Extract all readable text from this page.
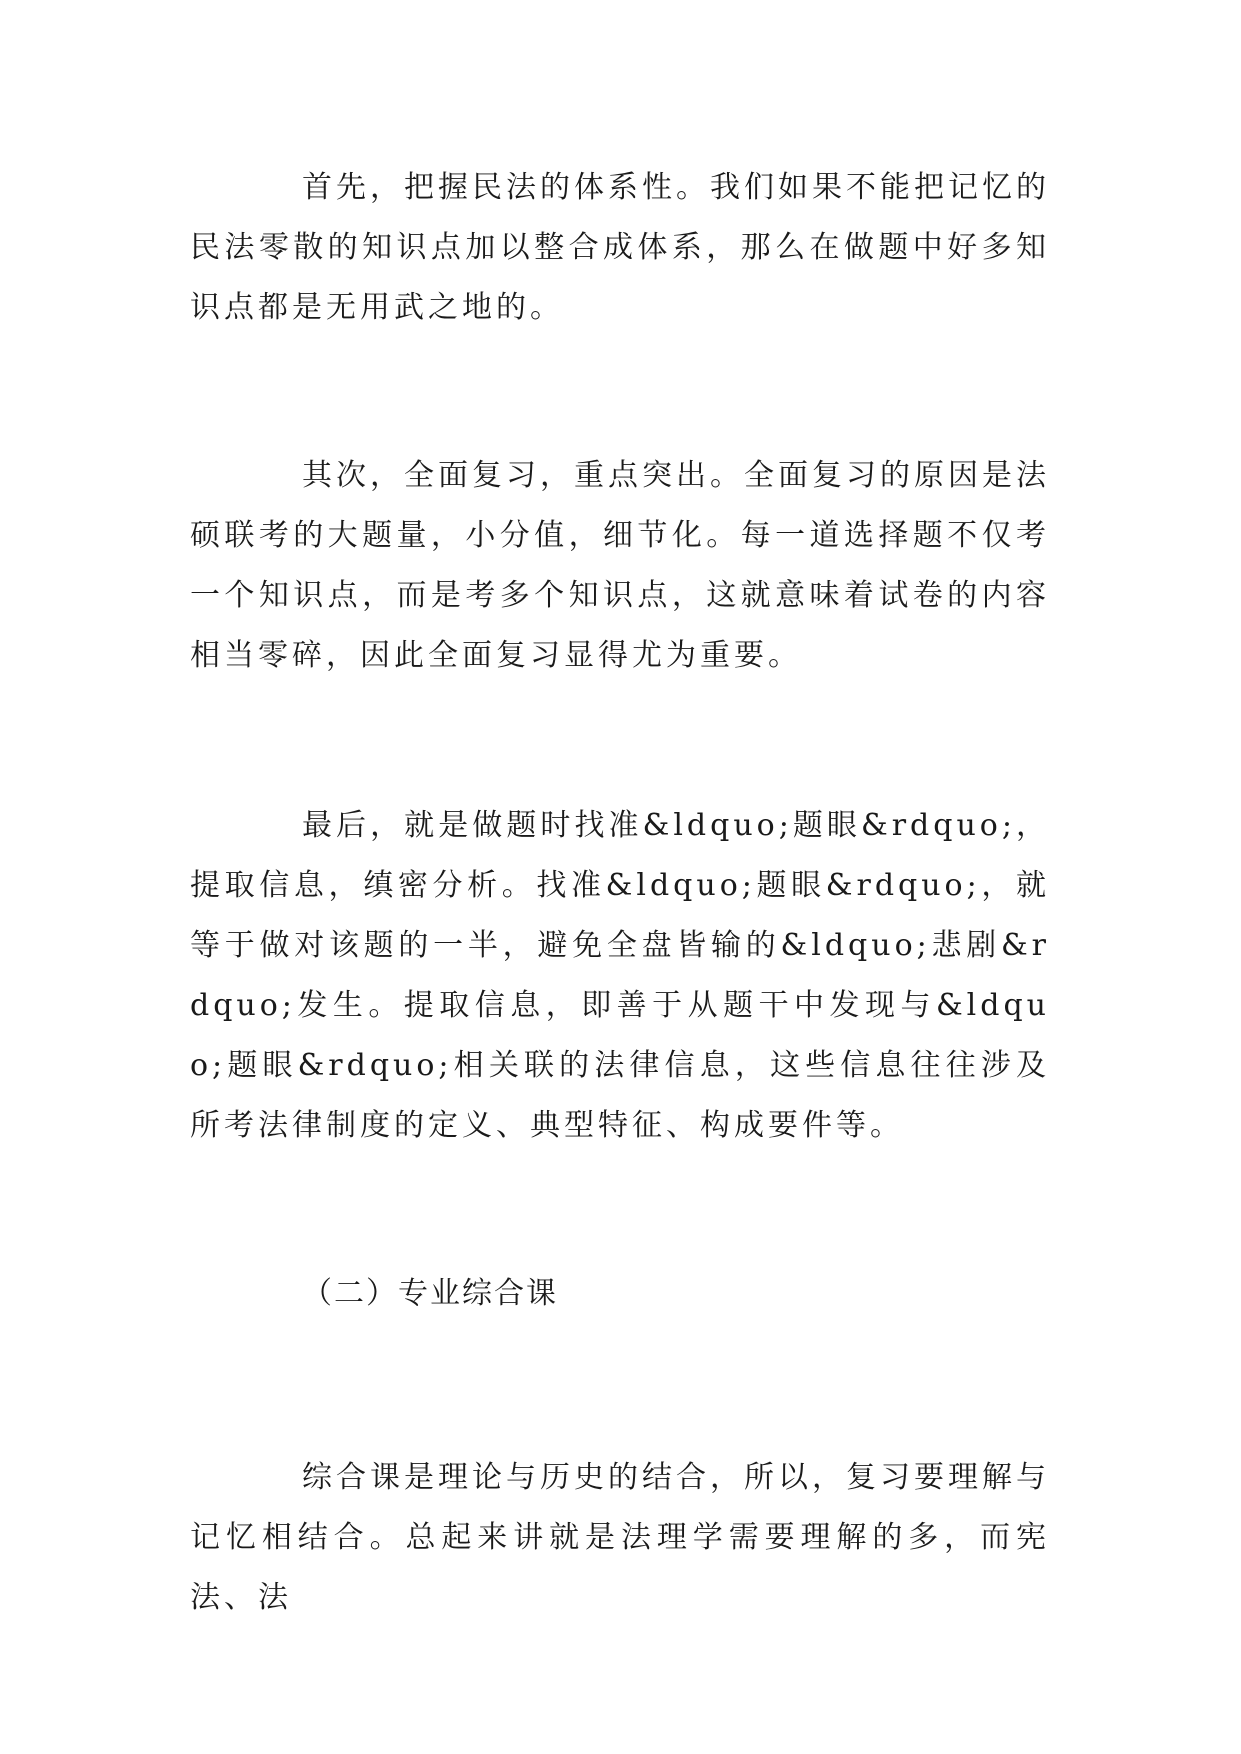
首先，把握民法的体系性。我们如果不能把记忆的民法零散的知识点加以整合成体系，那么在做题中好多知识点都是无用武之地的。

其次，全面复习，重点突出。全面复习的原因是法硕联考的大题量，小分值，细节化。每一道选择题不仅考一个知识点，而是考多个知识点，这就意味着试卷的内容相当零碎，因此全面复习显得尤为重要。

最后，就是做题时找准&ldquo;题眼&rdquo;，提取信息，缜密分析。找准&ldquo;题眼&rdquo;，就等于做对该题的一半，避免全盘皆输的&ldquo;悲剧&rdquo;发生。提取信息，即善于从题干中发现与&ldquo;题眼&rdquo;相关联的法律信息，这些信息往往涉及所考法律制度的定义、典型特征、构成要件等。

（二）专业综合课

综合课是理论与历史的结合，所以，复习要理解与记忆相结合。总起来讲就是法理学需要理解的多，而宪法、法
